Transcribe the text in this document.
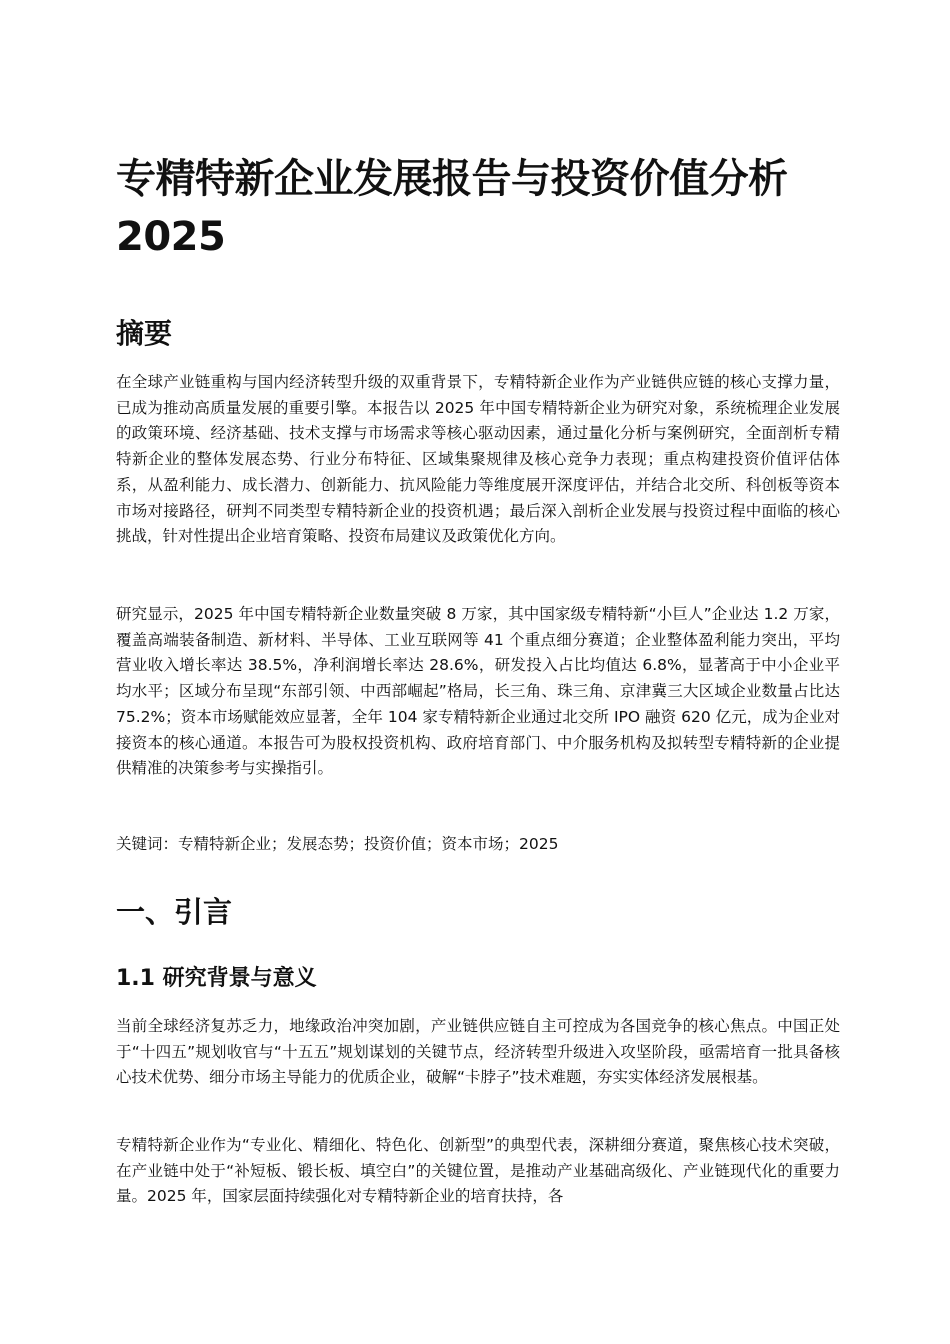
专精特新企业发展报告与投资价值分析2025
摘要

在全球产业链重构与国内经济转型升级的双重背景下，专精特新企业作为产业链供应链的核心支撑力量，已成为推动高质量发展的重要引擎。本报告以 2025 年中国专精特新企业为研究对象，系统梳理企业发展的政策环境、经济基础、技术支撑与市场需求等核心驱动因素，通过量化分析与案例研究，全面剖析专精特新企业的整体发展态势、行业分布特征、区域集聚规律及核心竞争力表现；重点构建投资价值评估体系，从盈利能力、成长潜力、创新能力、抗风险能力等维度展开深度评估，并结合北交所、科创板等资本市场对接路径，研判不同类型专精特新企业的投资机遇；最后深入剖析企业发展与投资过程中面临的核心挑战，针对性提出企业培育策略、投资布局建议及政策优化方向。

研究显示，2025 年中国专精特新企业数量突破 8 万家，其中国家级专精特新“小巨人”企业达 1.2 万家，覆盖高端装备制造、新材料、半导体、工业互联网等 41 个重点细分赛道；企业整体盈利能力突出，平均营业收入增长率达 38.5%，净利润增长率达 28.6%，研发投入占比均值达 6.8%，显著高于中小企业平均水平；区域分布呈现“东部引领、中西部崛起”格局，长三角、珠三角、京津冀三大区域企业数量占比达 75.2%；资本市场赋能效应显著，全年 104 家专精特新企业通过北交所 IPO 融资 620 亿元，成为企业对接资本的核心通道。本报告可为股权投资机构、政府培育部门、中介服务机构及拟转型专精特新的企业提供精准的决策参考与实操指引。

关键词：专精特新企业；发展态势；投资价值；资本市场；2025

一、引言
1.1 研究背景与意义

当前全球经济复苏乏力，地缘政治冲突加剧，产业链供应链自主可控成为各国竞争的核心焦点。中国正处于“十四五”规划收官与“十五五”规划谋划的关键节点，经济转型升级进入攻坚阶段，亟需培育一批具备核心技术优势、细分市场主导能力的优质企业，破解“卡脖子”技术难题，夯实实体经济发展根基。

专精特新企业作为“专业化、精细化、特色化、创新型”的典型代表，深耕细分赛道，聚焦核心技术突破，在产业链中处于“补短板、锻长板、填空白”的关键位置，是推动产业基础高级化、产业链现代化的重要力量。2025 年，国家层面持续强化对专精特新企业的培育扶持，各
